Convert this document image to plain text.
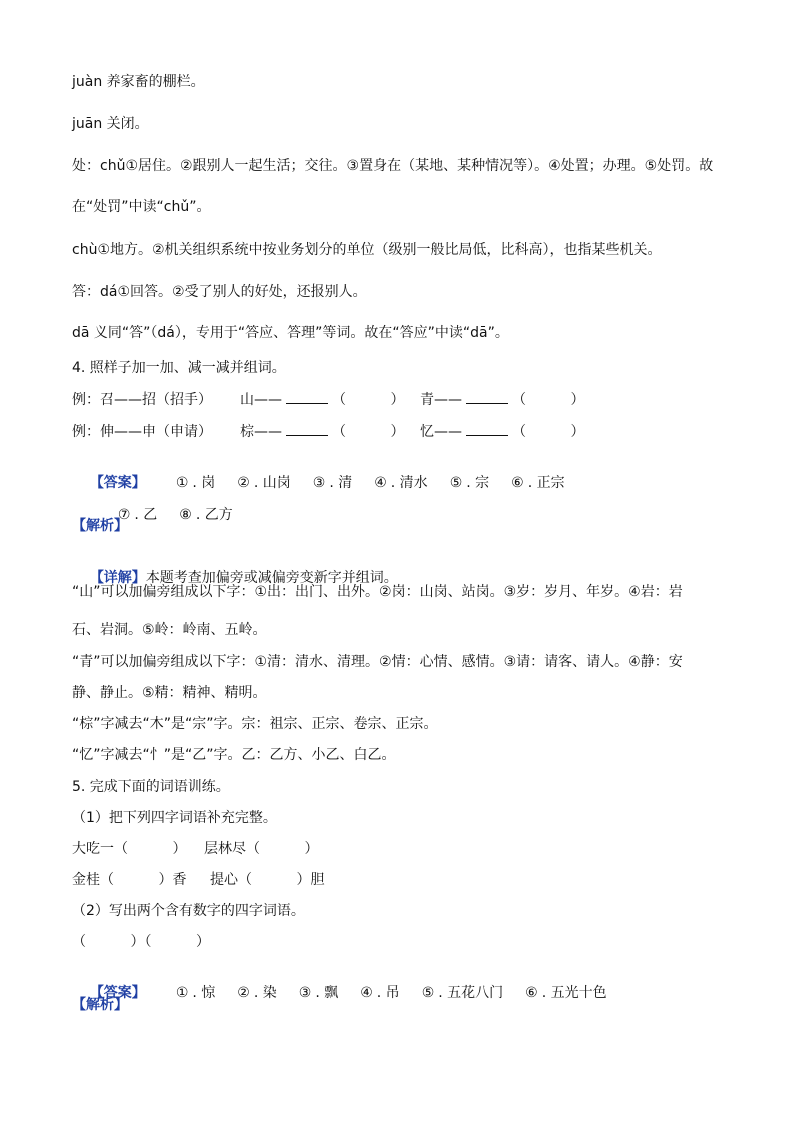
juàn 养家畜的棚栏。
juān 关闭。
处：chǔ①居住。②跟别人一起生活；交往。③置身在（某地、某种情况等）。④处置；办理。⑤处罚。故
在“处罚”中读“chǔ”。
chù①地方。②机关组织系统中按业务划分的单位（级别一般比局低，比科高），也指某些机关。
答：dá①回答。②受了别人的好处，还报别人。
dā 义同“答”（dá），专用于“答应、答理”等词。故在“答应”中读“dā”。
4. 照样子加一加、减一减并组词。
例：召——招（招手）	山——	（          ）	青——	（          ）
例：伸——申（申请）	棕——	（          ）	忆——	（          ）

【答案】 ① . 岗 ② . 山岗 ③ . 清 ④ . 清水 ⑤ . 宗 ⑥ . 正宗

⑦ . 乙 ⑧ . 乙方

【解析】

【详解】本题考查加偏旁或减偏旁变新字并组词。

“山”可以加偏旁组成以下字：①出：出门、出外。②岗：山岗、站岗。③岁：岁月、年岁。④岩：岩
石、岩洞。⑤岭：岭南、五岭。
“青”可以加偏旁组成以下字：①清：清水、清理。②情：心情、感情。③请：请客、请人。④静：安
静、静止。⑤精：精神、精明。
“棕”字减去“木”是“宗”字。宗：祖宗、正宗、卷宗、正宗。
“忆”字减去“忄”是“乙”字。乙：乙方、小乙、白乙。
5. 完成下面的词语训练。
（1）把下列四字词语补充完整。
大吃一（          ）	层林尽（          ）
金桂（          ）香	提心（          ）胆
（2）写出两个含有数字的四字词语。
（          ）（          ）

【答案】 ① . 惊 ② . 染 ③ . 飘 ④ . 吊 ⑤ . 五花八门 ⑥ . 五光十色

【解析】
